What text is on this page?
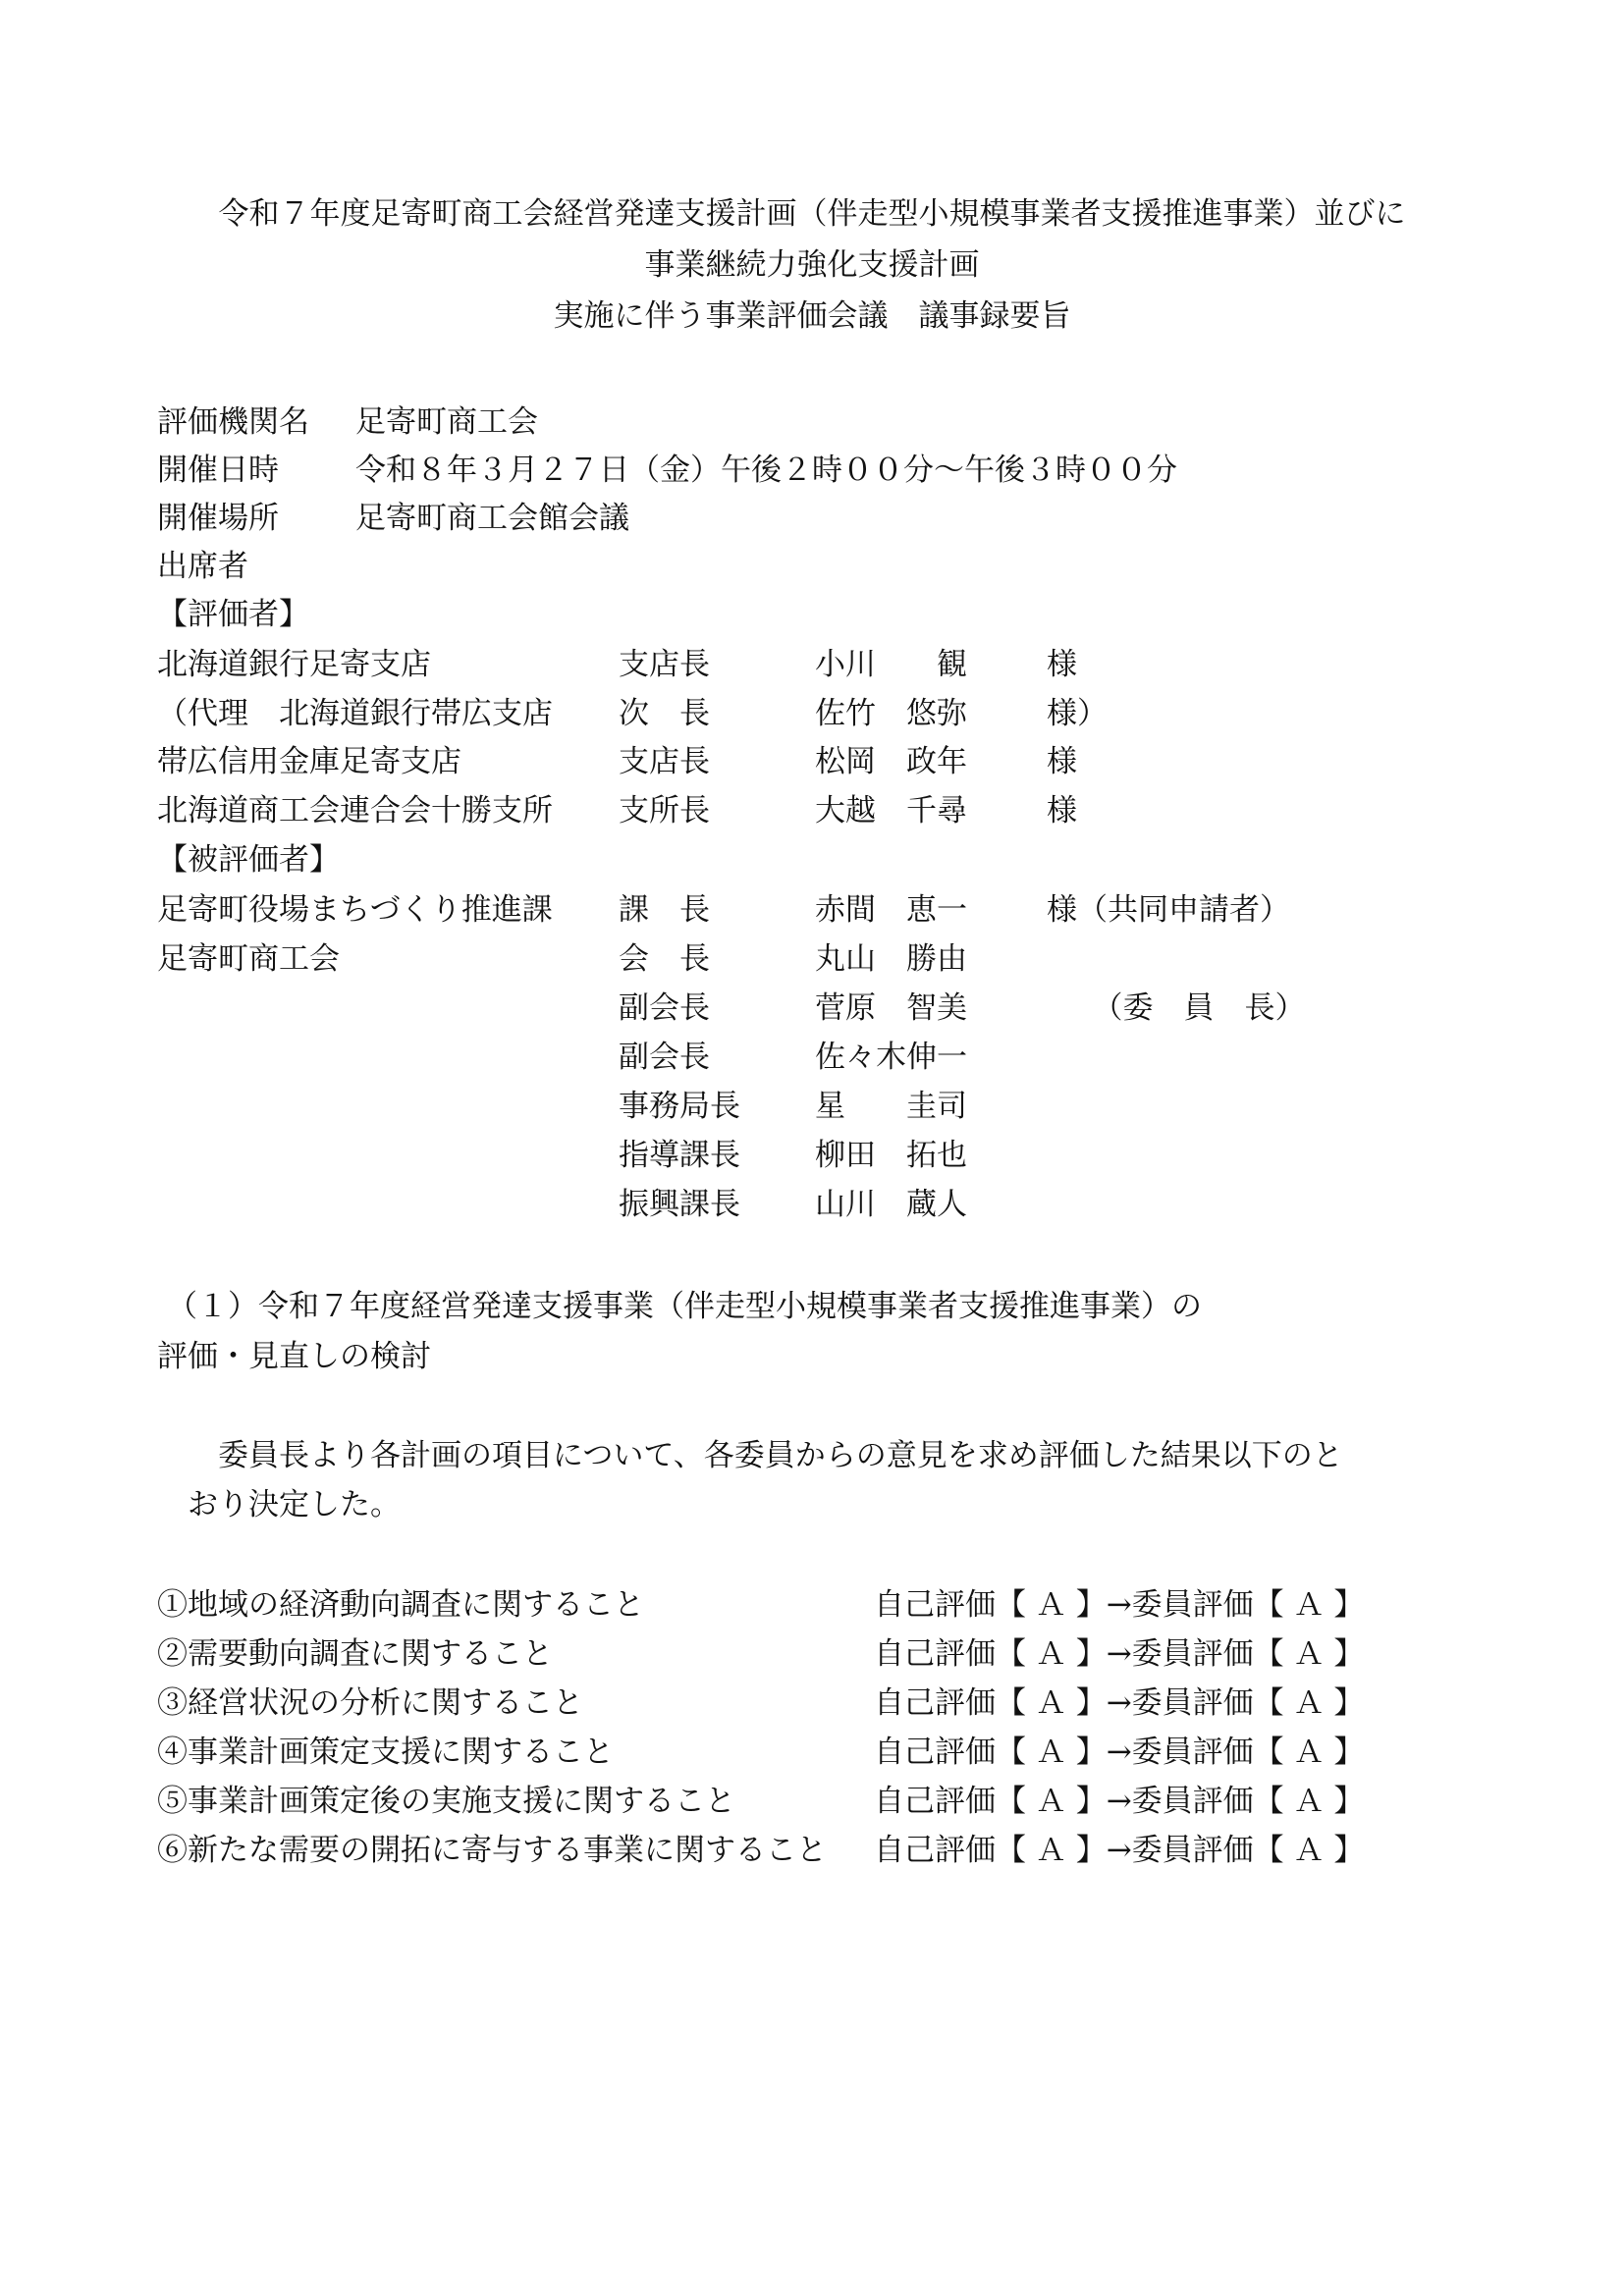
令和７年度足寄町商工会経営発達支援計画（伴走型小規模事業者支援推進事業）並びに
事業継続力強化支援計画
実施に伴う事業評価会議　議事録要旨
評価機関名 足寄町商工会
開催日時	令和８年３月２７日（金）午後２時００分～午後３時００分
開催場所	足寄町商工会館会議
出席者
【評価者】
北海道銀行足寄支店	支店長	小川　　観	様
（代理　北海道銀行帯広支店 次　長	佐竹　悠弥	様）
帯広信用金庫足寄支店	支店長	松岡　政年	様
北海道商工会連合会十勝支所 支所長	大越　千尋	様
【被評価者】
足寄町役場まちづくり推進課 課　長	赤間　恵一	様（共同申請者）
足寄町商工会	会　長	丸山　勝由
副会長	菅原　智美	　　（委　員　長）
副会長	佐々木伸一
事務局長 星　　圭司
指導課長 柳田　拓也
振興課長 山川　蔵人
（１）令和７年度経営発達支援事業（伴走型小規模事業者支援推進事業）の
評価・見直しの検討
　　委員長より各計画の項目について、各委員からの意見を求め評価した結果以下のと
　おり決定した。
①地域の経済動向調査に関すること	自己評価【 Ａ 】→委員評価【 Ａ 】
②需要動向調査に関すること	自己評価【 Ａ 】→委員評価【 Ａ 】
③経営状況の分析に関すること	自己評価【 Ａ 】→委員評価【 Ａ 】
④事業計画策定支援に関すること	自己評価【 Ａ 】→委員評価【 Ａ 】
⑤事業計画策定後の実施支援に関すること	自己評価【 Ａ 】→委員評価【 Ａ 】
⑥新たな需要の開拓に寄与する事業に関すること 自己評価【 Ａ 】→委員評価【 Ａ 】
